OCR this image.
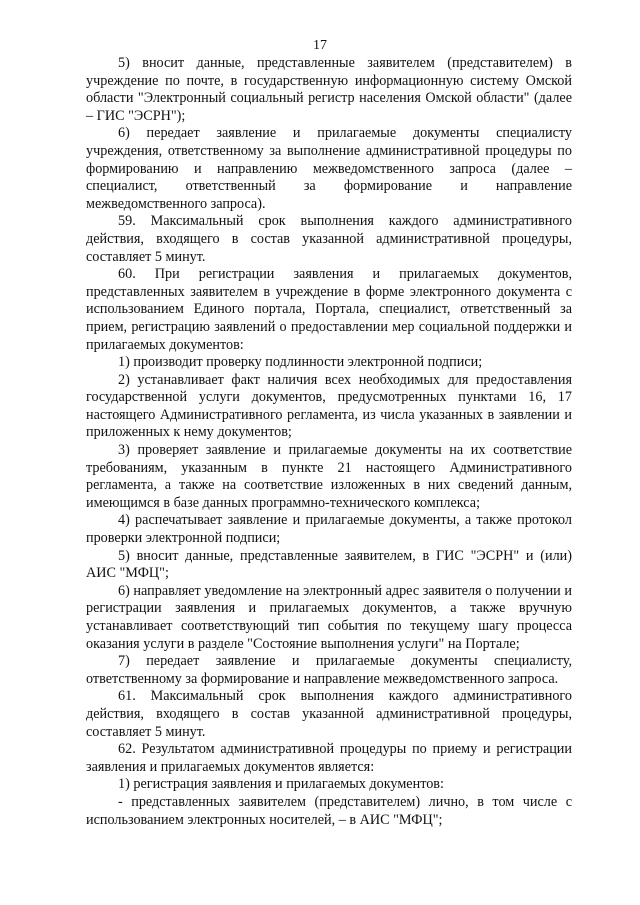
17

5) вносит данные, представленные заявителем (представителем) в учреждение по почте, в государственную информационную систему Омской области "Электронный социальный регистр населения Омской области" (далее – ГИС "ЭСРН");

6) передает заявление и прилагаемые документы специалисту учреждения, ответственному за выполнение административной процедуры по формированию и направлению межведомственного запроса (далее – специалист, ответственный за формирование и направление межведомственного запроса).

59. Максимальный срок выполнения каждого административного действия, входящего в состав указанной административной процедуры, составляет 5 минут.

60. При регистрации заявления и прилагаемых документов, представленных заявителем в учреждение в форме электронного документа с использованием Единого портала, Портала, специалист, ответственный за прием, регистрацию заявлений о предоставлении мер социальной поддержки и прилагаемых документов:

1) производит проверку подлинности электронной подписи;

2) устанавливает факт наличия всех необходимых для предоставления государственной услуги документов, предусмотренных пунктами 16, 17 настоящего Административного регламента, из числа указанных в заявлении и приложенных к нему документов;

3) проверяет заявление и прилагаемые документы на их соответствие требованиям, указанным в пункте 21 настоящего Административного регламента, а также на соответствие изложенных в них сведений данным, имеющимся в базе данных программно-технического комплекса;

4) распечатывает заявление и прилагаемые документы, а также протокол проверки электронной подписи;

5) вносит данные, представленные заявителем, в ГИС "ЭСРН" и (или) АИС "МФЦ";

6) направляет уведомление на электронный адрес заявителя о получении и регистрации заявления и прилагаемых документов, а также вручную устанавливает соответствующий тип события по текущему шагу процесса оказания услуги в разделе "Состояние выполнения услуги" на Портале;

7) передает заявление и прилагаемые документы специалисту, ответственному за формирование и направление межведомственного запроса.

61. Максимальный срок выполнения каждого административного действия, входящего в состав указанной административной процедуры, составляет 5 минут.

62. Результатом административной процедуры по приему и регистрации заявления и прилагаемых документов является:

1) регистрация заявления и прилагаемых документов:

- представленных заявителем (представителем) лично, в том числе с использованием электронных носителей, – в АИС "МФЦ";
